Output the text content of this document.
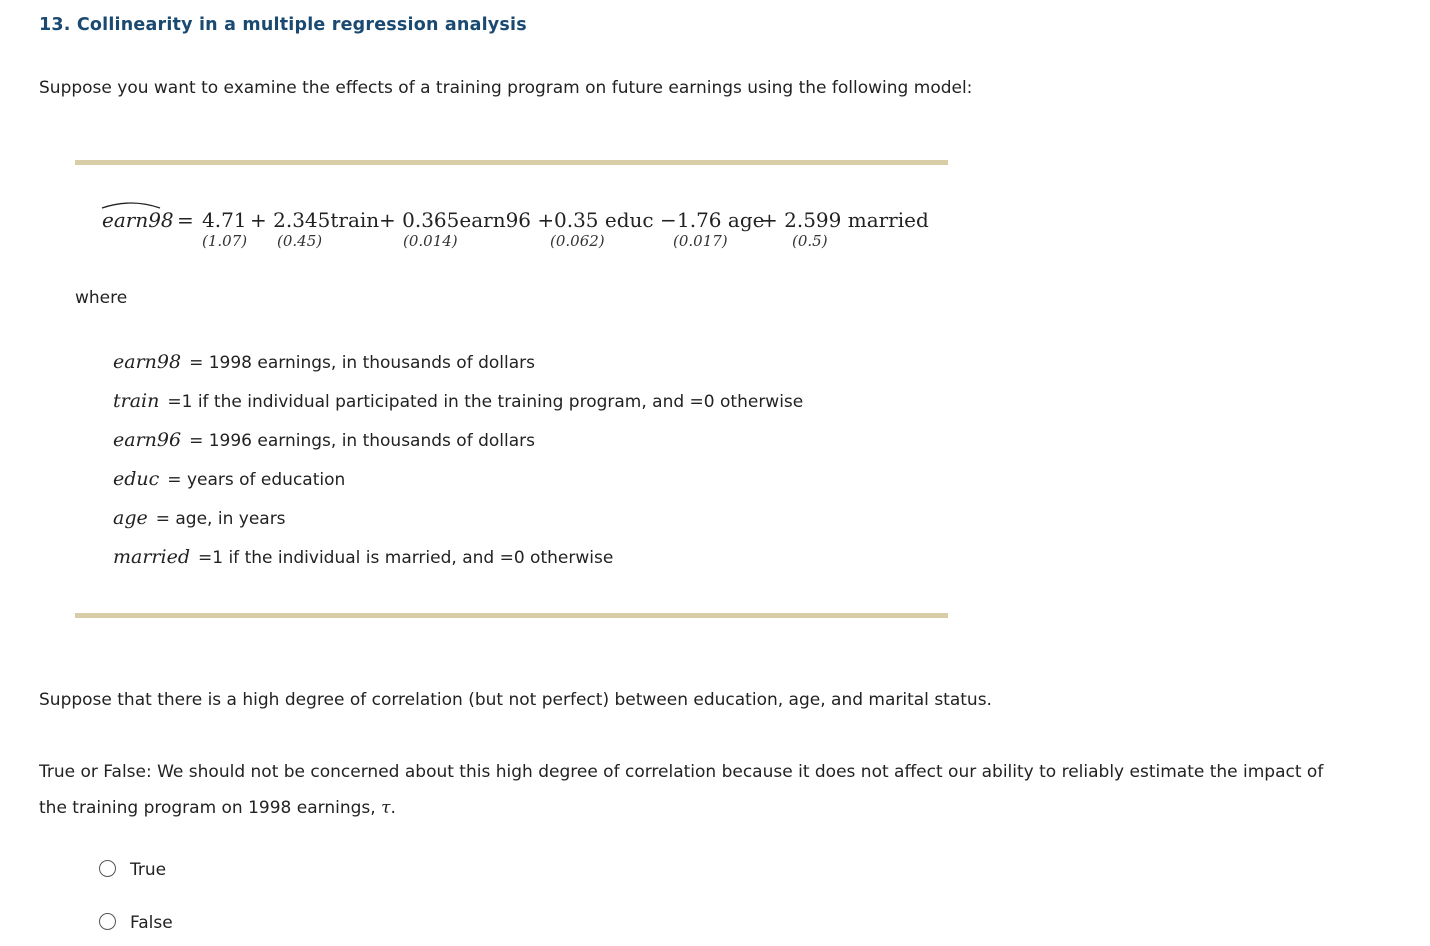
13. Collinearity in a multiple regression analysis
Suppose you want to examine the effects of a training program on future earnings using the following model:
earn98 = 4.71
(1.07)
+ 2.345train
(0.45)
+ 0.365earn96 +
(0.014)
0.35 educ −
(0.062)
1.76 age
(0.017)
+ 2.599 married
(0.5)
where
earn98 = 1998 earnings, in thousands of dollars
train =1 if the individual participated in the training program, and =0 otherwise
earn96 = 1996 earnings, in thousands of dollars
educ = years of education
age = age, in years
married =1 if the individual is married, and =0 otherwise
Suppose that there is a high degree of correlation (but not perfect) between education, age, and marital status.
True or False: We should not be concerned about this high degree of correlation because it does not affect our ability to reliably estimate the impact of
the training program on 1998 earnings, τ.
True
False
